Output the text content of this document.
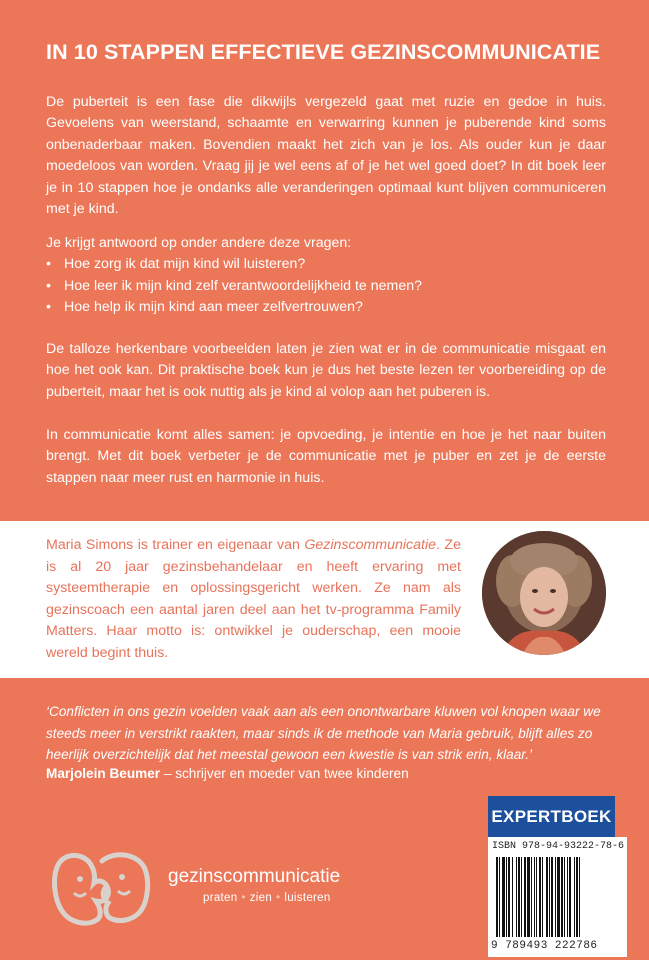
IN 10 STAPPEN EFFECTIEVE GEZINSCOMMUNICATIE

De puberteit is een fase die dikwijls vergezeld gaat met ruzie en gedoe in huis. Gevoelens van weerstand, schaamte en verwarring kunnen je puberende kind soms onbenaderbaar maken. Bovendien maakt het zich van je los. Als ouder kun je daar moedeloos van worden. Vraag jij je wel eens af of je het wel goed doet? In dit boek leer je in 10 stappen hoe je ondanks alle veranderingen optimaal kunt blijven communiceren met je kind.

Je krijgt antwoord op onder andere deze vragen:

• Hoe zorg ik dat mijn kind wil luisteren?
• Hoe leer ik mijn kind zelf verantwoordelijkheid te nemen?
• Hoe help ik mijn kind aan meer zelfvertrouwen?

De talloze herkenbare voorbeelden laten je zien wat er in de communicatie misgaat en hoe het ook kan. Dit praktische boek kun je dus het beste lezen ter voorbereiding op de puberteit, maar het is ook nuttig als je kind al volop aan het puberen is.

In communicatie komt alles samen: je opvoeding, je intentie en hoe je het naar buiten brengt. Met dit boek verbeter je de communicatie met je puber en zet je de eerste stappen naar meer rust en harmonie in huis.

Maria Simons is trainer en eigenaar van Gezinscommunicatie. Ze is al 20 jaar gezinsbehandelaar en heeft ervaring met systeemtherapie en oplossingsgericht werken. Ze nam als gezinscoach een aantal jaren deel aan het tv-programma Family Matters. Haar motto is: ontwikkel je ouderschap, een mooie wereld begint thuis.

‘Conflicten in ons gezin voelden vaak aan als een onontwarbare kluwen vol knopen waar we steeds meer in verstrikt raakten, maar sinds ik de methode van Maria gebruik, blijft alles zo heerlijk overzichtelijk dat het meestal gewoon een kwestie is van strik erin, klaar.’

Marjolein Beumer – schrijver en moeder van twee kinderen

gezinscommunicatie
praten • zien • luisteren
EXPERTBOEK
ISBN 978-94-93222-78-6
9 789493 222786
